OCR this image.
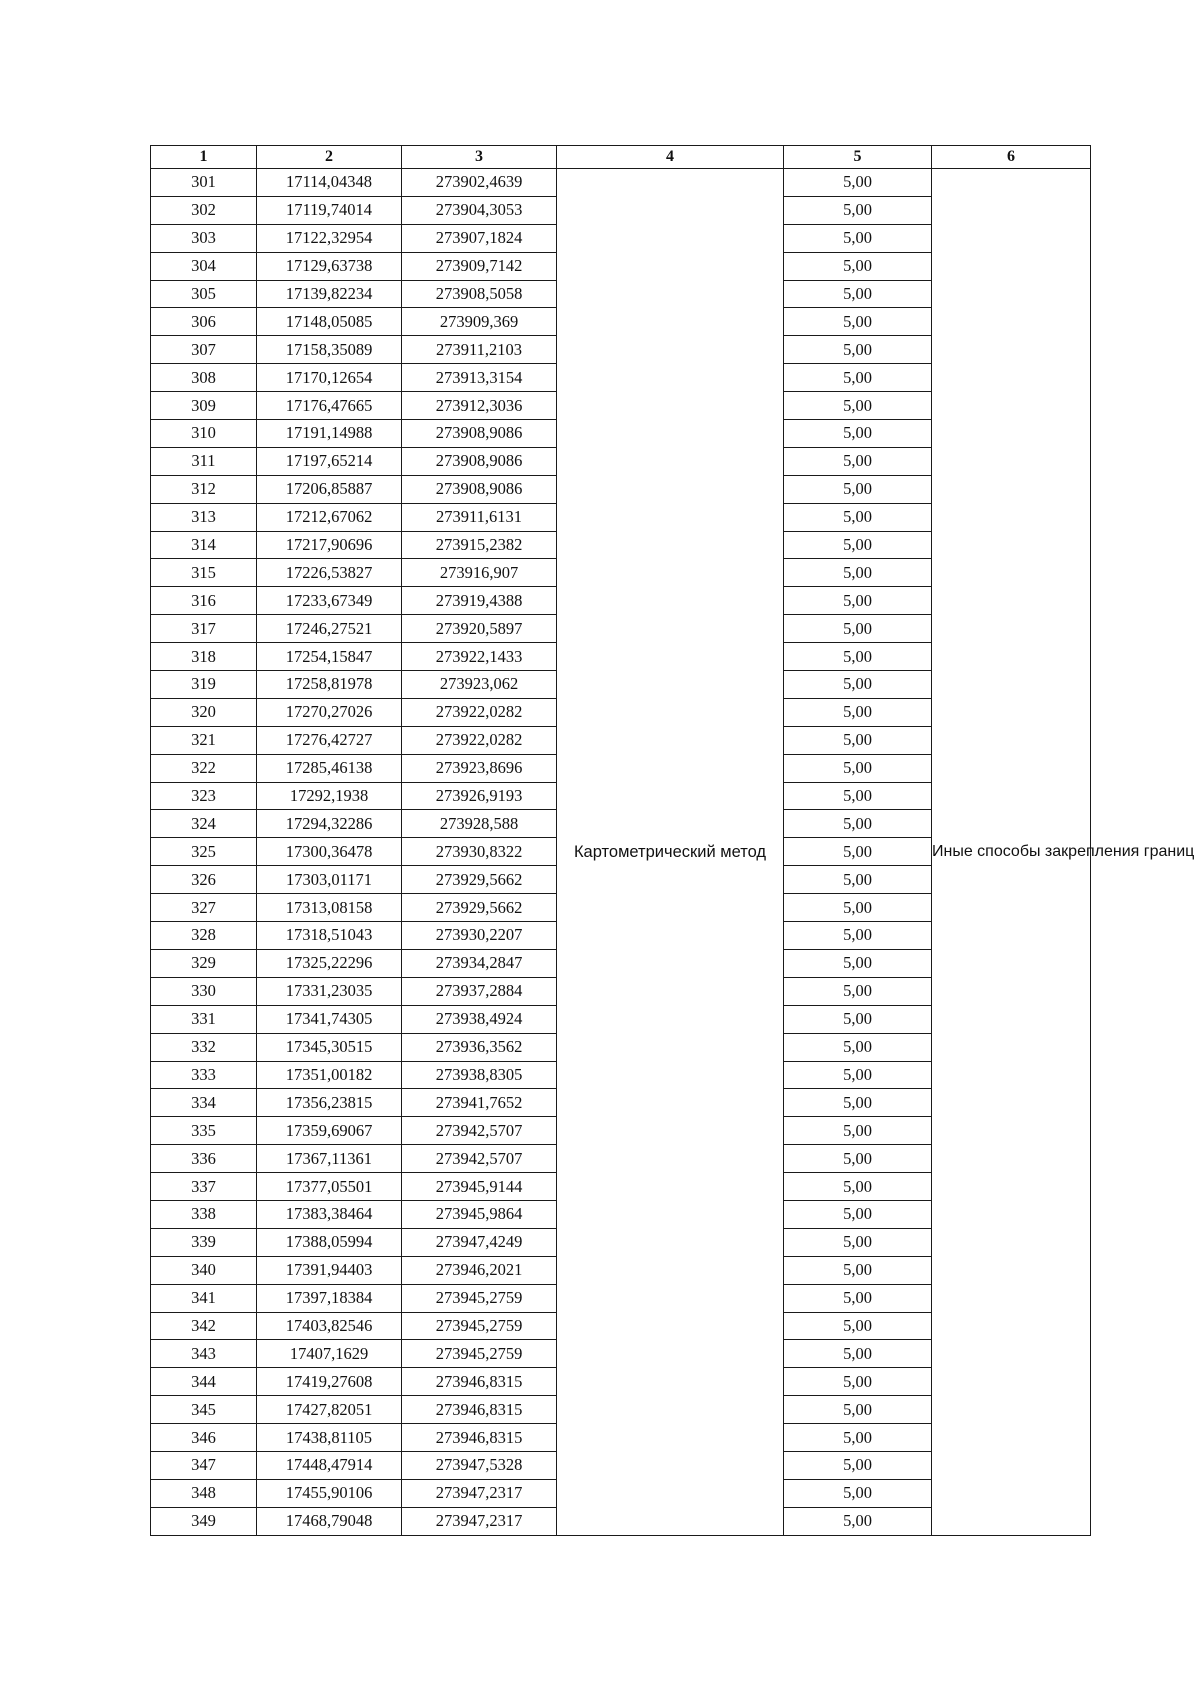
1	2	3	4	5	6
301	17114,04348	273902,4639	Картометрический метод	5,00	Иные способы закрепления границ
302	17119,74014	273904,3053		5,00	
303	17122,32954	273907,1824		5,00	
304	17129,63738	273909,7142		5,00	
305	17139,82234	273908,5058		5,00	
306	17148,05085	273909,369		5,00	
307	17158,35089	273911,2103		5,00	
308	17170,12654	273913,3154		5,00	
309	17176,47665	273912,3036		5,00	
310	17191,14988	273908,9086		5,00	
311	17197,65214	273908,9086		5,00	
312	17206,85887	273908,9086		5,00	
313	17212,67062	273911,6131		5,00	
314	17217,90696	273915,2382		5,00	
315	17226,53827	273916,907		5,00	
316	17233,67349	273919,4388		5,00	
317	17246,27521	273920,5897		5,00	
318	17254,15847	273922,1433		5,00	
319	17258,81978	273923,062		5,00	
320	17270,27026	273922,0282		5,00	
321	17276,42727	273922,0282		5,00	
322	17285,46138	273923,8696		5,00	
323	17292,1938	273926,9193		5,00	
324	17294,32286	273928,588		5,00	
325	17300,36478	273930,8322		5,00	
326	17303,01171	273929,5662		5,00	
327	17313,08158	273929,5662		5,00	
328	17318,51043	273930,2207		5,00	
329	17325,22296	273934,2847		5,00	
330	17331,23035	273937,2884		5,00	
331	17341,74305	273938,4924		5,00	
332	17345,30515	273936,3562		5,00	
333	17351,00182	273938,8305		5,00	
334	17356,23815	273941,7652		5,00	
335	17359,69067	273942,5707		5,00	
336	17367,11361	273942,5707		5,00	
337	17377,05501	273945,9144		5,00	
338	17383,38464	273945,9864		5,00	
339	17388,05994	273947,4249		5,00	
340	17391,94403	273946,2021		5,00	
341	17397,18384	273945,2759		5,00	
342	17403,82546	273945,2759		5,00	
343	17407,1629	273945,2759		5,00	
344	17419,27608	273946,8315		5,00	
345	17427,82051	273946,8315		5,00	
346	17438,81105	273946,8315		5,00	
347	17448,47914	273947,5328		5,00	
348	17455,90106	273947,2317		5,00	
349	17468,79048	273947,2317		5,00	
